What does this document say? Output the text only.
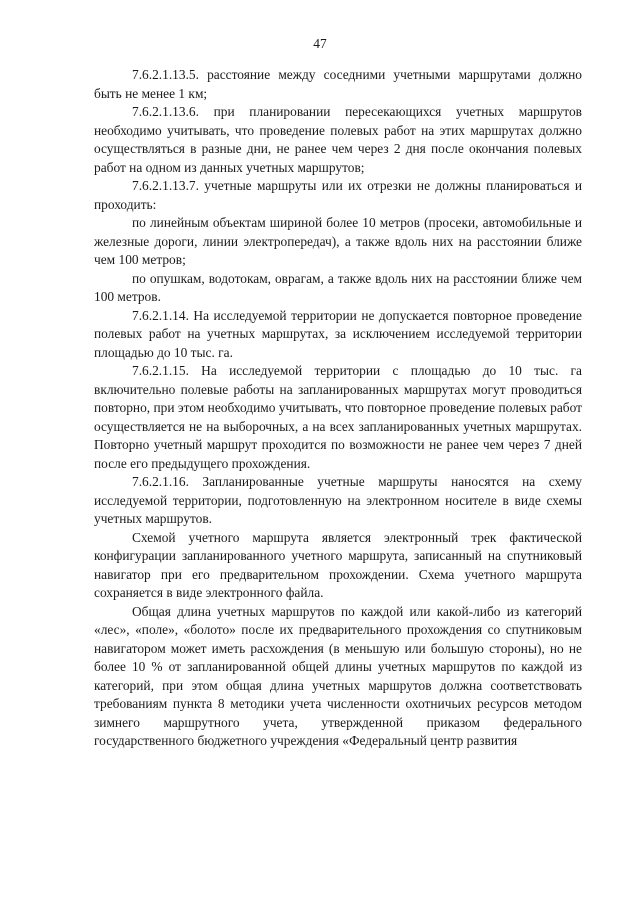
47

7.6.2.1.13.5. расстояние между соседними учетными маршрутами должно быть не менее 1 км;

7.6.2.1.13.6. при планировании пересекающихся учетных маршрутов необходимо учитывать, что проведение полевых работ на этих маршрутах должно осуществляться в разные дни, не ранее чем через 2 дня после окончания полевых работ на одном из данных учетных маршрутов;

7.6.2.1.13.7. учетные маршруты или их отрезки не должны планироваться и проходить:

по линейным объектам шириной более 10 метров (просеки, автомобильные и железные дороги, линии электропередач), а также вдоль них на расстоянии ближе чем 100 метров;

по опушкам, водотокам, оврагам, а также вдоль них на расстоянии ближе чем 100 метров.

7.6.2.1.14. На исследуемой территории не допускается повторное проведение полевых работ на учетных маршрутах, за исключением исследуемой территории площадью до 10 тыс. га.

7.6.2.1.15. На исследуемой территории с площадью до 10 тыс. га включительно полевые работы на запланированных маршрутах могут проводиться повторно, при этом необходимо учитывать, что повторное проведение полевых работ осуществляется не на выборочных, а на всех запланированных учетных маршрутах. Повторно учетный маршрут проходится по возможности не ранее чем через 7 дней после его предыдущего прохождения.

7.6.2.1.16. Запланированные учетные маршруты наносятся на схему исследуемой территории, подготовленную на электронном носителе в виде схемы учетных маршрутов.

Схемой учетного маршрута является электронный трек фактической конфигурации запланированного учетного маршрута, записанный на спутниковый навигатор при его предварительном прохождении. Схема учетного маршрута сохраняется в виде электронного файла.

Общая длина учетных маршрутов по каждой или какой-либо из категорий «лес», «поле», «болото» после их предварительного прохождения со спутниковым навигатором может иметь расхождения (в меньшую или большую стороны), но не более 10 % от запланированной общей длины учетных маршрутов по каждой из категорий, при этом общая длина учетных маршрутов должна соответствовать требованиям пункта 8 методики учета численности охотничьих ресурсов методом зимнего маршрутного учета, утвержденной приказом федерального государственного бюджетного учреждения «Федеральный центр развития
